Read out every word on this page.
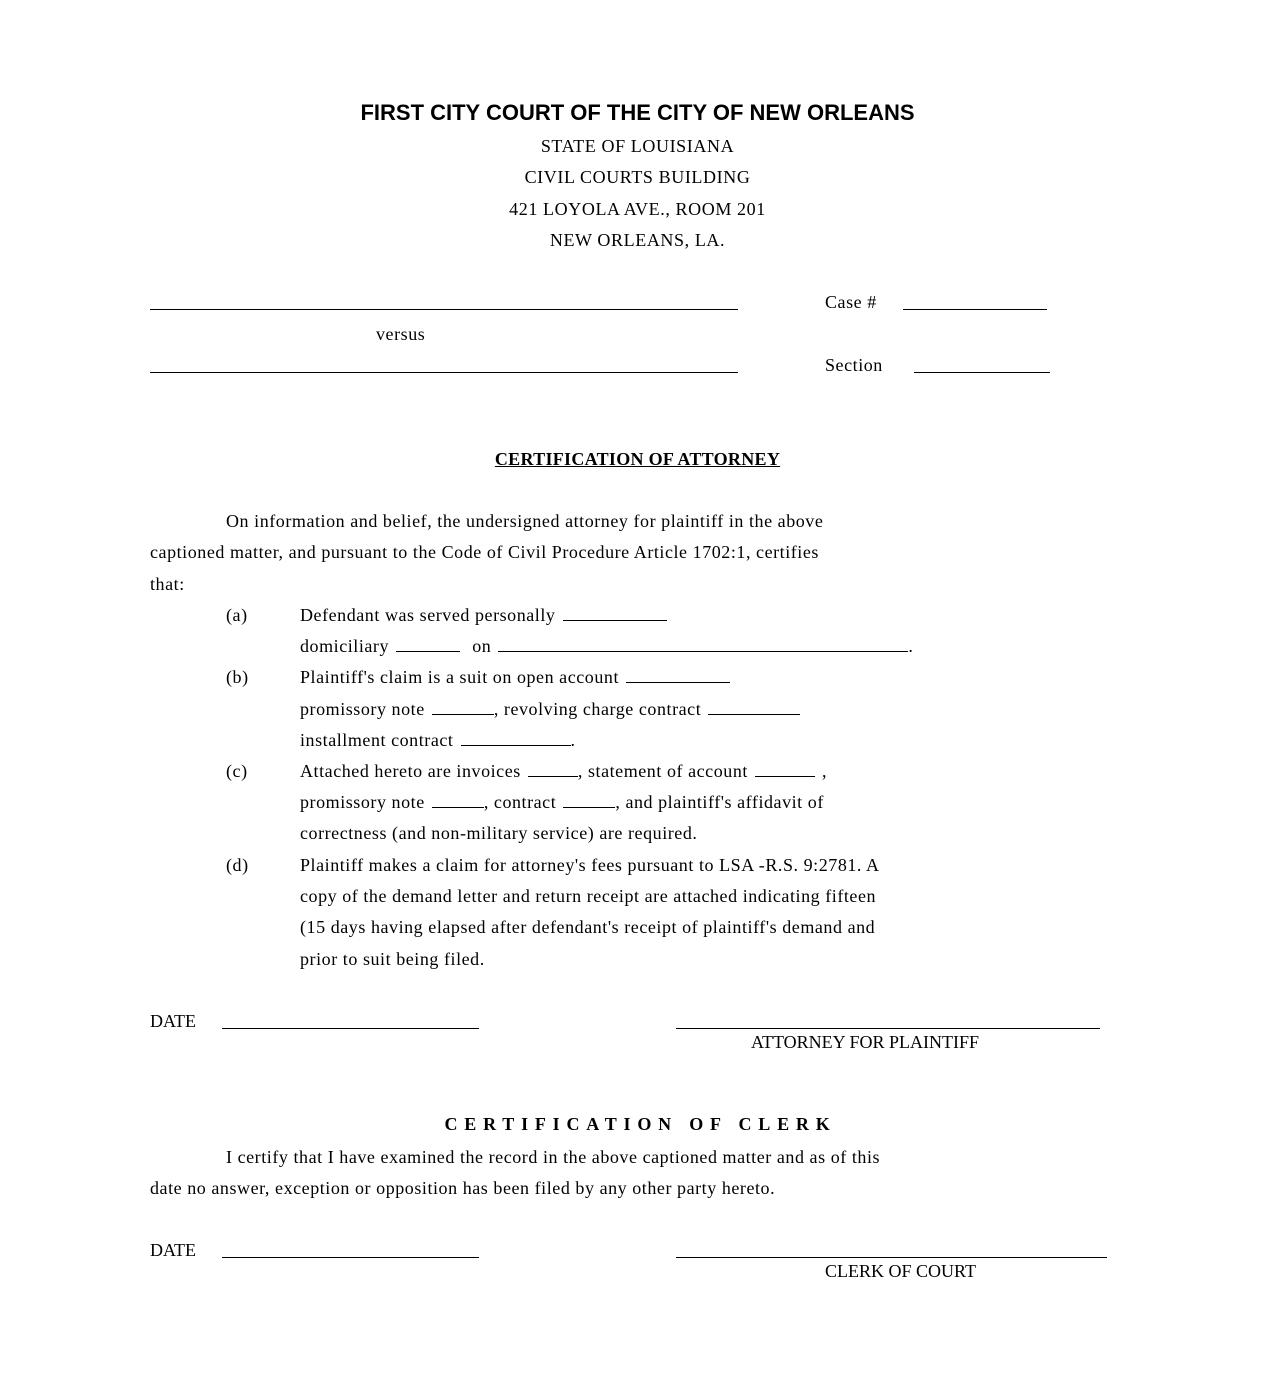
FIRST CITY COURT OF THE CITY OF NEW ORLEANS
STATE OF LOUISIANA
CIVIL COURTS BUILDING
421 LOYOLA AVE., ROOM 201
NEW ORLEANS, LA.
Case #
versus
Section
CERTIFICATION OF ATTORNEY
On information and belief, the undersigned attorney for plaintiff in the above
captioned matter, and pursuant to the Code of Civil Procedure Article 1702:1, certifies
that:
(a)	Defendant was served personally
domiciliary	on	.
(b)	Plaintiff's claim is a suit on open account
promissory note	, revolving charge contract
installment contract	.
(c)	Attached hereto are invoices	, statement of account	,
promissory note	, contract	, and plaintiff's affidavit of
correctness (and non-military service) are required.
(d)	Plaintiff makes a claim for attorney's fees pursuant to LSA -R.S. 9:2781. A
copy of the demand letter and return receipt are attached indicating fifteen
(15 days having elapsed after defendant's receipt of plaintiff's demand and
prior to suit being filed.
DATE
ATTORNEY FOR PLAINTIFF
CERTIFICATION OF CLERK
I certify that I have examined the record in the above captioned matter and as of this
date no answer, exception or opposition has been filed by any other party hereto.
DATE
CLERK OF COURT
